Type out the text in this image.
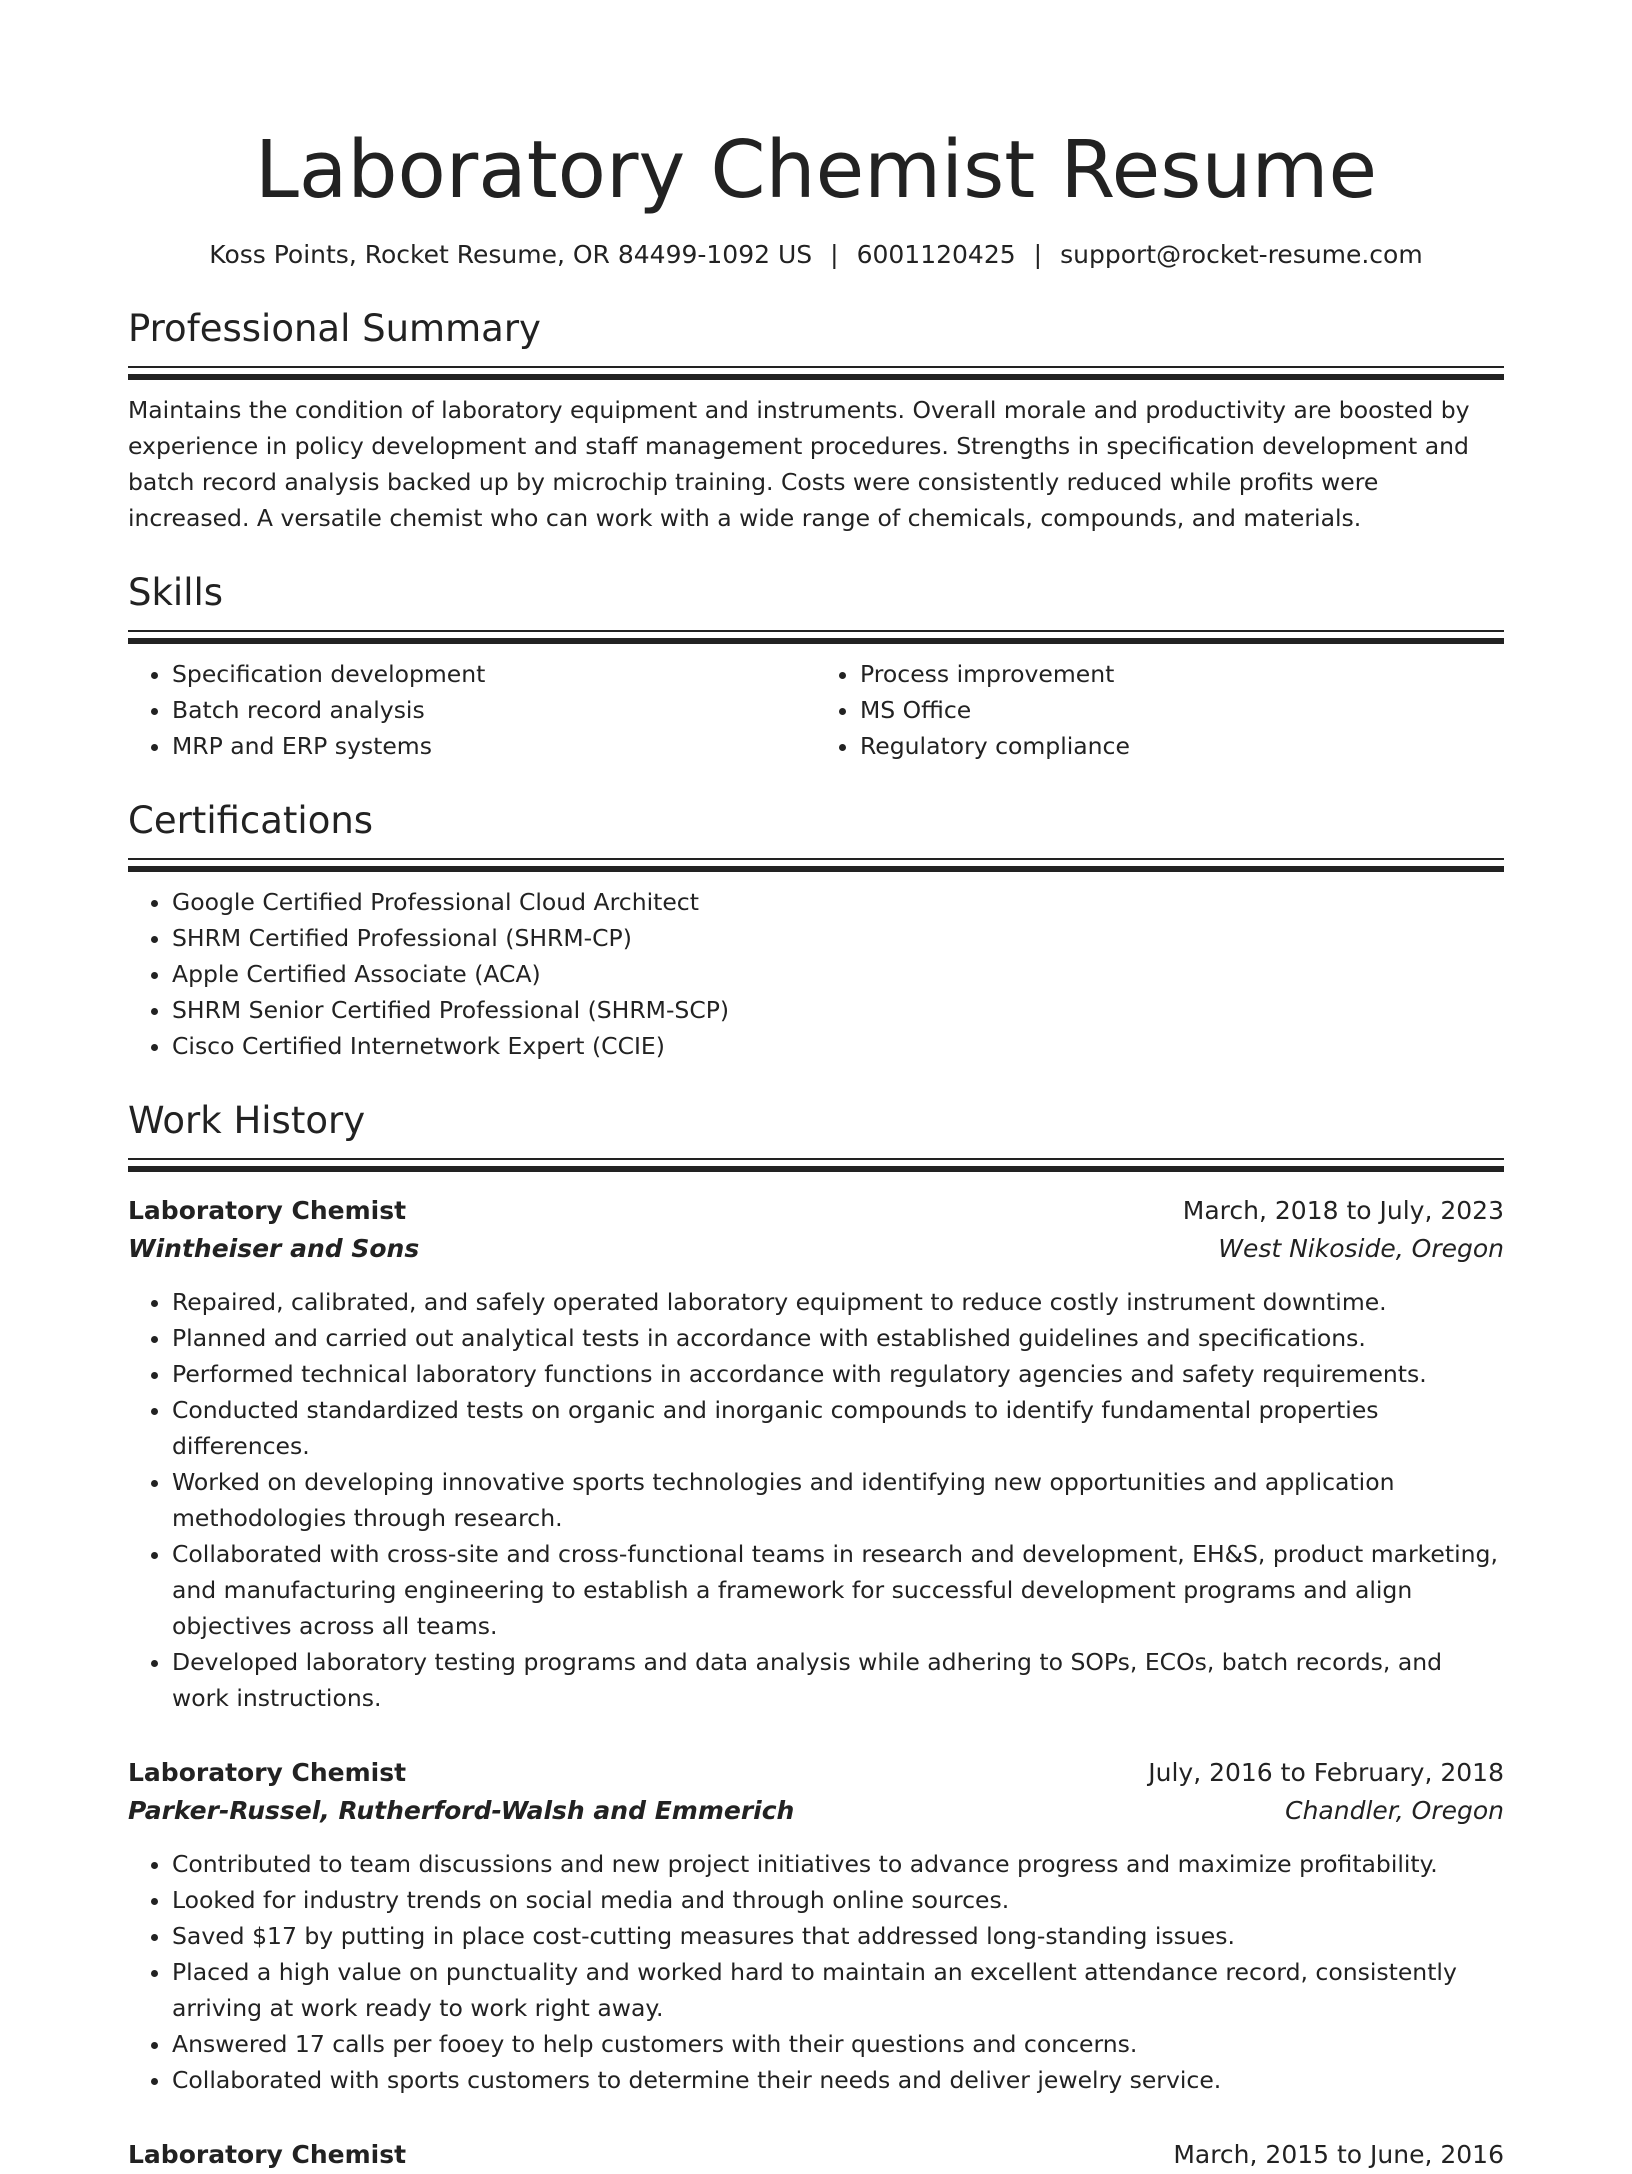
Laboratory Chemist Resume
Koss Points, Rocket Resume, OR 84499-1092 US | 6001120425 | support@rocket-resume.com
Professional Summary
Maintains the condition of laboratory equipment and instruments. Overall morale and productivity are boosted by experience in policy development and staff management procedures. Strengths in specification development and batch record analysis backed up by microchip training. Costs were consistently reduced while profits were increased. A versatile chemist who can work with a wide range of chemicals, compounds, and materials.
Skills
• Specification development
• Batch record analysis
• MRP and ERP systems
• Process improvement
• MS Office
• Regulatory compliance
Certifications
• Google Certified Professional Cloud Architect
• SHRM Certified Professional (SHRM-CP)
• Apple Certified Associate (ACA)
• SHRM Senior Certified Professional (SHRM-SCP)
• Cisco Certified Internetwork Expert (CCIE)
Work History
Laboratory Chemist	March, 2018 to July, 2023
Wintheiser and Sons	West Nikoside, Oregon
• Repaired, calibrated, and safely operated laboratory equipment to reduce costly instrument downtime.
• Planned and carried out analytical tests in accordance with established guidelines and specifications.
• Performed technical laboratory functions in accordance with regulatory agencies and safety requirements.
• Conducted standardized tests on organic and inorganic compounds to identify fundamental properties differences.
• Worked on developing innovative sports technologies and identifying new opportunities and application methodologies through research.
• Collaborated with cross-site and cross-functional teams in research and development, EH&S, product marketing, and manufacturing engineering to establish a framework for successful development programs and align objectives across all teams.
• Developed laboratory testing programs and data analysis while adhering to SOPs, ECOs, batch records, and work instructions.
Laboratory Chemist	July, 2016 to February, 2018
Parker-Russel, Rutherford-Walsh and Emmerich	Chandler, Oregon
• Contributed to team discussions and new project initiatives to advance progress and maximize profitability.
• Looked for industry trends on social media and through online sources.
• Saved $17 by putting in place cost-cutting measures that addressed long-standing issues.
• Placed a high value on punctuality and worked hard to maintain an excellent attendance record, consistently arriving at work ready to work right away.
• Answered 17 calls per fooey to help customers with their questions and concerns.
• Collaborated with sports customers to determine their needs and deliver jewelry service.
Laboratory Chemist	March, 2015 to June, 2016
